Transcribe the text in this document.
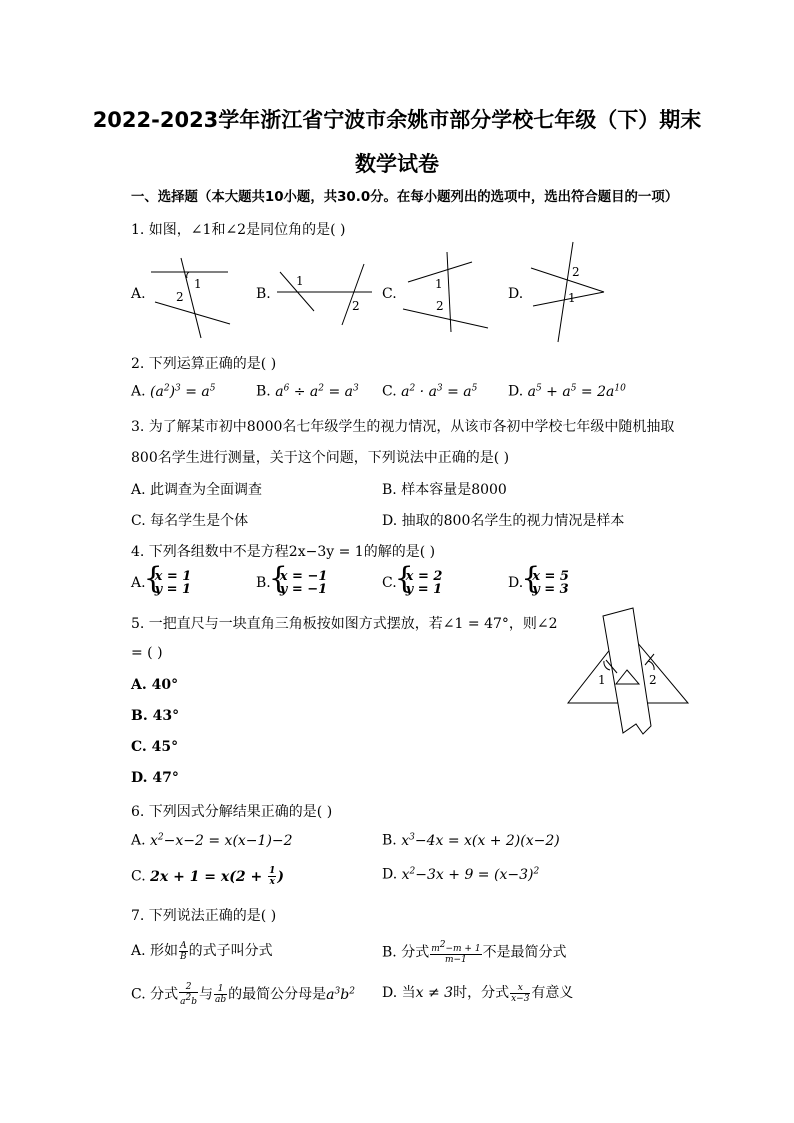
2022-2023学年浙江省宁波市余姚市部分学校七年级（下）期末
数学试卷
一、选择题（本大题共10小题，共30.0分。在每小题列出的选项中，选出符合题目的一项）
1. 如图，∠1和∠2是同位角的是( )
A.	B.	C.	D.
1
2
1
2
1
2
2
1
2. 下列运算正确的是( )
A. $(a^2)^3 = a^5$	B. $a^6 \div a^2 = a^3$ C. $a^2 \cdot a^3 = a^5$ D. $a^5 + a^5 = 2a^{10}$
3. 为了解某市初中8000名七年级学生的视力情况，从该市各初中学校七年级中随机抽取
800名学生进行测量，关于这个问题，下列说法中正确的是( )
A. 此调查为全面调查	B. 样本容量是8000
C. 每名学生是个体	D. 抽取的800名学生的视力情况是样本
4. 下列各组数中不是方程2x−3y = 1的解的是( )
A. { x = 1
y = 1	B. { x = −1
y = −1	C. { x = 2
y = 1	D. { x = 5
y = 3
5. 一把直尺与一块直角三角板按如图方式摆放，若∠1 = 47°，则∠2
= ( )
A. 40°
B. 43°
C. 45°
D. 47°
1	2
6. 下列因式分解结果正确的是( )
A. $x^2-x-2 = x(x-1)-2$	B. $x^3-4x = x(x + 2)(x-2)$
C. $2x + 1 = x(2 + \frac{1}{x}$ )	D. $x^2-3x + 9 = (x-3)^2$
7. 下列说法正确的是( )
A. 形如 $\frac{A}{B}$ 的式子叫分式	B. 分式 $\frac{m^2-m + 1}{m-1}$ 不是最简分式
C. 分式 $\frac{2}{a^2b}$ 与 $\frac{1}{ab}$ 的最简公分母是$a^3b^2$ D. 当x ≠ 3时，分式 $\frac{x}{x-3}$ 有意义
